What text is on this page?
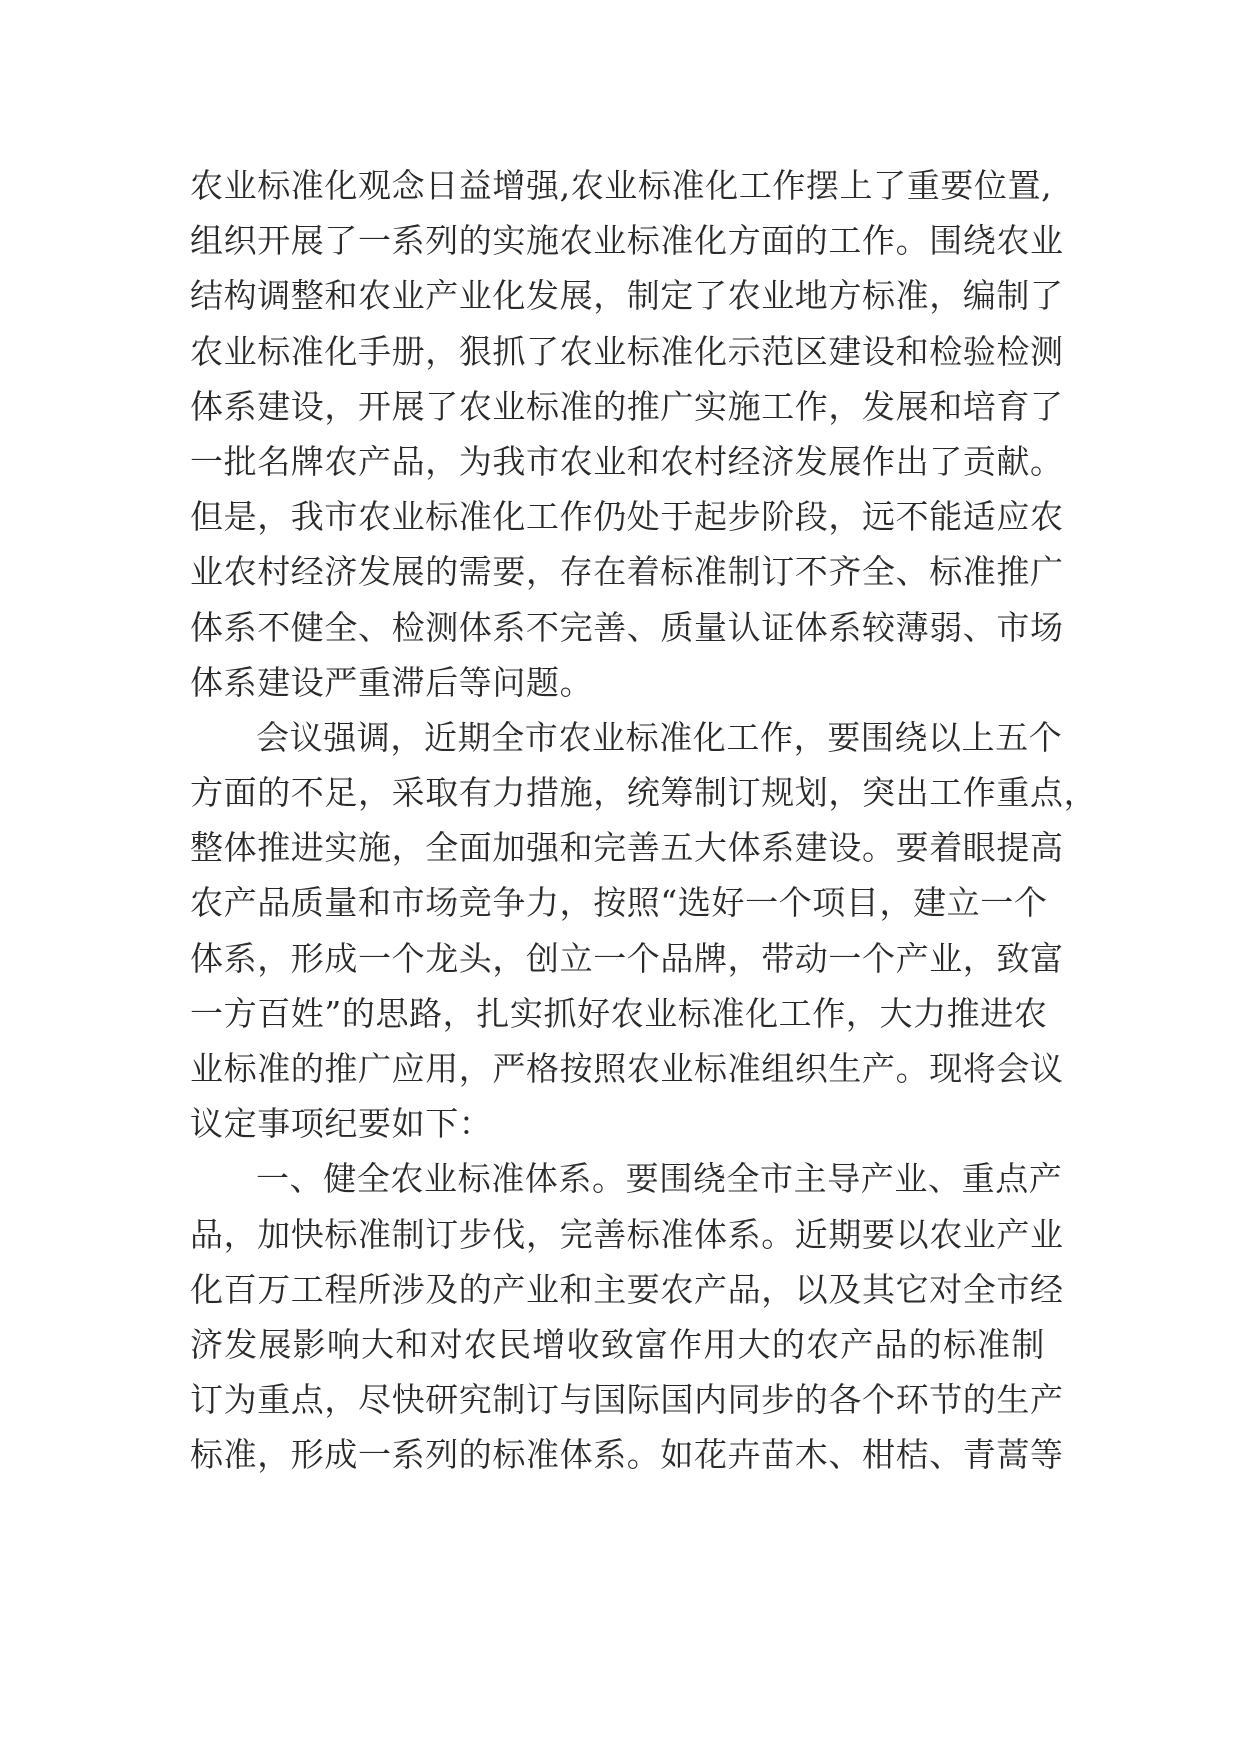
农业标准化观念日益增强,农业标准化工作摆上了重要位置,
组织开展了一系列的实施农业标准化方面的工作。围绕农业
结构调整和农业产业化发展，制定了农业地方标准，编制了
农业标准化手册，狠抓了农业标准化示范区建设和检验检测
体系建设，开展了农业标准的推广实施工作，发展和培育了
一批名牌农产品，为我市农业和农村经济发展作出了贡献。
但是，我市农业标准化工作仍处于起步阶段，远不能适应农
业农村经济发展的需要，存在着标准制订不齐全、标准推广
体系不健全、检测体系不完善、质量认证体系较薄弱、市场
体系建设严重滞后等问题。
会议强调，近期全市农业标准化工作，要围绕以上五个
方面的不足，采取有力措施，统筹制订规划，突出工作重点，
整体推进实施，全面加强和完善五大体系建设。要着眼提高
农产品质量和市场竞争力，按照“选好一个项目，建立一个
体系，形成一个龙头，创立一个品牌，带动一个产业，致富
一方百姓”的思路，扎实抓好农业标准化工作，大力推进农
业标准的推广应用，严格按照农业标准组织生产。现将会议
议定事项纪要如下：
一、健全农业标准体系。要围绕全市主导产业、重点产
品，加快标准制订步伐，完善标准体系。近期要以农业产业
化百万工程所涉及的产业和主要农产品，以及其它对全市经
济发展影响大和对农民增收致富作用大的农产品的标准制
订为重点，尽快研究制订与国际国内同步的各个环节的生产
标准，形成一系列的标准体系。如花卉苗木、柑桔、青蒿等
